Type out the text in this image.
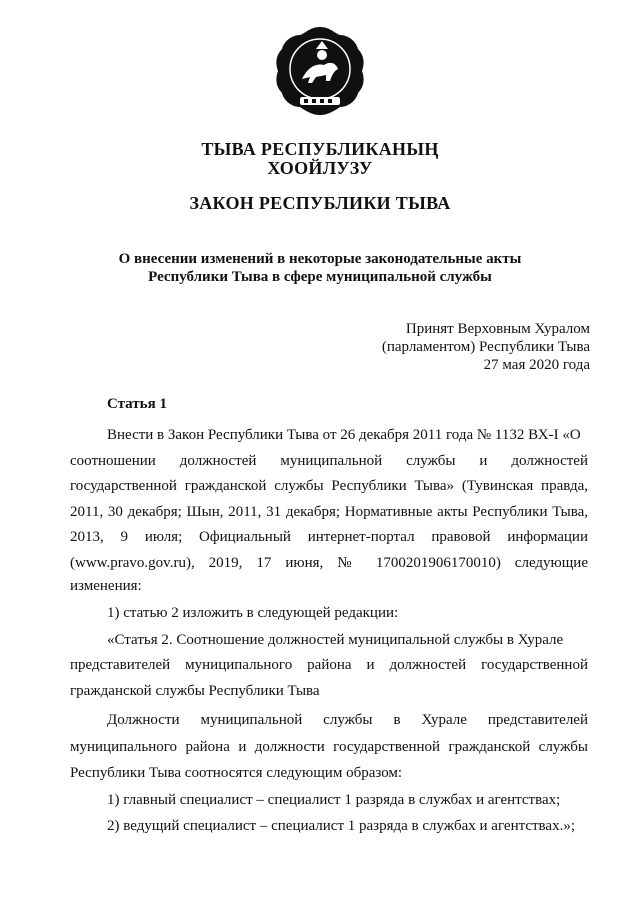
ТЫВА РЕСПУБЛИКАНЫҢ
ХООЙЛУЗУ
ЗАКОН РЕСПУБЛИКИ ТЫВА
О внесении изменений в некоторые законодательные акты
Республики Тыва в сфере муниципальной службы
Принят Верховным Хуралом
(парламентом) Республики Тыва
27 мая 2020 года
Статья 1
Внести в Закон Республики Тыва от 26 декабря 2011 года № 1132 ВХ-I «О
соотношении должностей муниципальной службы и должностей
государственной гражданской службы Республики Тыва» (Тувинская правда,
2011, 30 декабря; Шын, 2011, 31 декабря; Нормативные акты Республики Тыва,
2013, 9 июля; Официальный интернет-портал правовой информации
(www.pravo.gov.ru), 2019, 17 июня, № 1700201906170010) следующие
изменения:
1) статью 2 изложить в следующей редакции:
«Статья 2. Соотношение должностей муниципальной службы в Хурале
представителей муниципального района и должностей государственной
гражданской службы Республики Тыва
Должности муниципальной службы в Хурале представителей
муниципального района и должности государственной гражданской службы
Республики Тыва соотносятся следующим образом:
1) главный специалист – специалист 1 разряда в службах и агентствах;
2) ведущий специалист – специалист 1 разряда в службах и агентствах.»;
